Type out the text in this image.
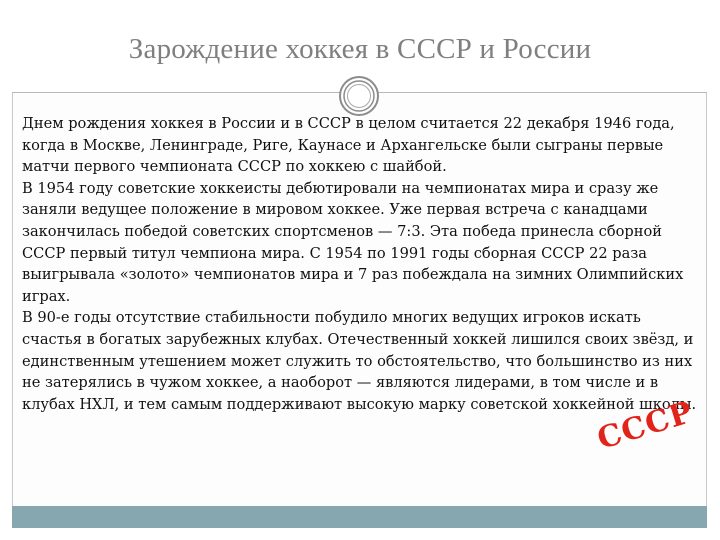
Зарождение хоккея в СССР и России

Днем рождения хоккея в России и в СССР в целом считается 22 декабря 1946 года, когда в Москве, Ленинграде, Риге, Каунасе и Архангельске были сыграны первые матчи первого чемпионата СССР по хоккею с шайбой.

В 1954 году советские хоккеисты дебютировали на чемпионатах мира и сразу же заняли ведущее положение в мировом хоккее. Уже первая встреча с канадцами закончилась победой советских спортсменов — 7:3. Эта победа принесла сборной СССР первый титул чемпиона мира. С 1954 по 1991 годы сборная СССР 22 раза выигрывала «золото» чемпионатов мира и 7 раз побеждала на зимних Олимпийских играх.

В 90-е годы отсутствие стабильности побудило многих ведущих игроков искать счастья в богатых зарубежных клубах. Отечественный хоккей лишился своих звёзд, и единственным утешением может служить то обстоятельство, что большинство из них не затерялись в чужом хоккее, а наоборот — являются лидерами, в том числе и в клубах НХЛ, и тем самым поддерживают высокую марку советской хоккейной школы.

СССР
